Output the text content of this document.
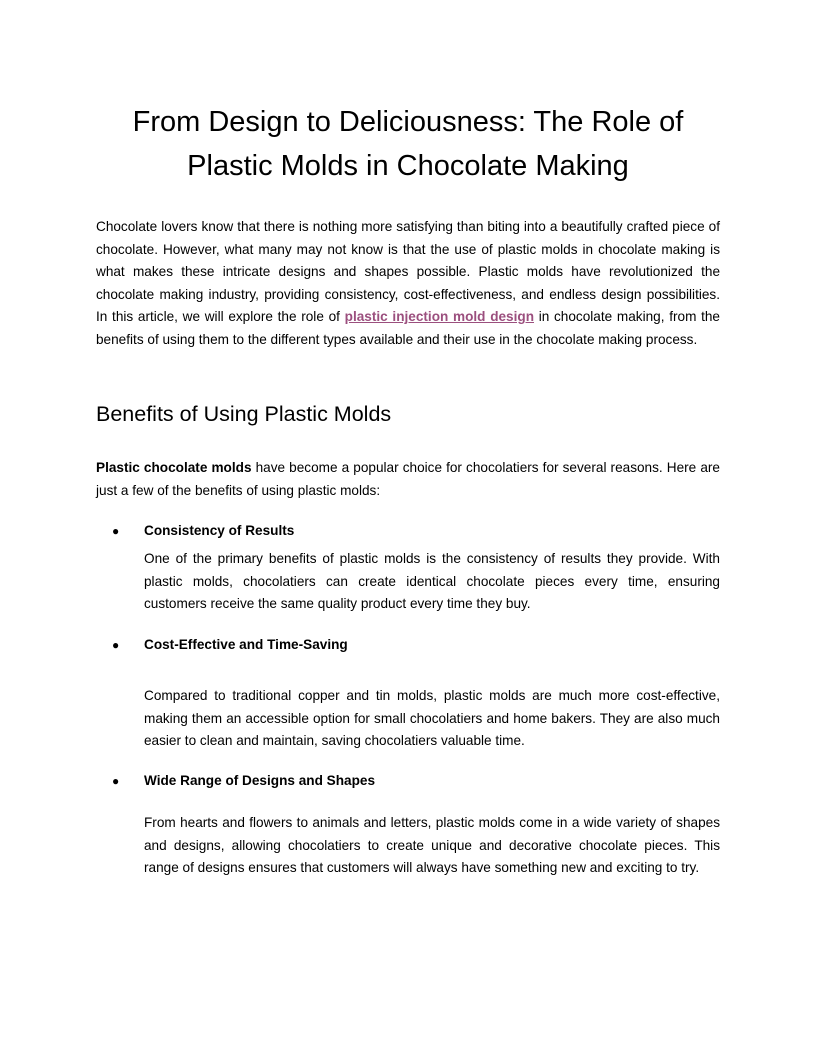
From Design to Deliciousness: The Role of
Plastic Molds in Chocolate Making

Chocolate lovers know that there is nothing more satisfying than biting into a beautifully crafted piece of chocolate. However, what many may not know is that the use of plastic molds in chocolate making is what makes these intricate designs and shapes possible. Plastic molds have revolutionized the chocolate making industry, providing consistency, cost-effectiveness, and endless design possibilities. In this article, we will explore the role of plastic injection mold design in chocolate making, from the benefits of using them to the different types available and their use in the chocolate making process.

Benefits of Using Plastic Molds

Plastic chocolate molds have become a popular choice for chocolatiers for several reasons. Here are just a few of the benefits of using plastic molds:

● Consistency of Results

One of the primary benefits of plastic molds is the consistency of results they provide. With plastic molds, chocolatiers can create identical chocolate pieces every time, ensuring customers receive the same quality product every time they buy.

● Cost-Effective and Time-Saving

Compared to traditional copper and tin molds, plastic molds are much more cost-effective, making them an accessible option for small chocolatiers and home bakers. They are also much easier to clean and maintain, saving chocolatiers valuable time.

● Wide Range of Designs and Shapes

From hearts and flowers to animals and letters, plastic molds come in a wide variety of shapes and designs, allowing chocolatiers to create unique and decorative chocolate pieces. This range of designs ensures that customers will always have something new and exciting to try.
